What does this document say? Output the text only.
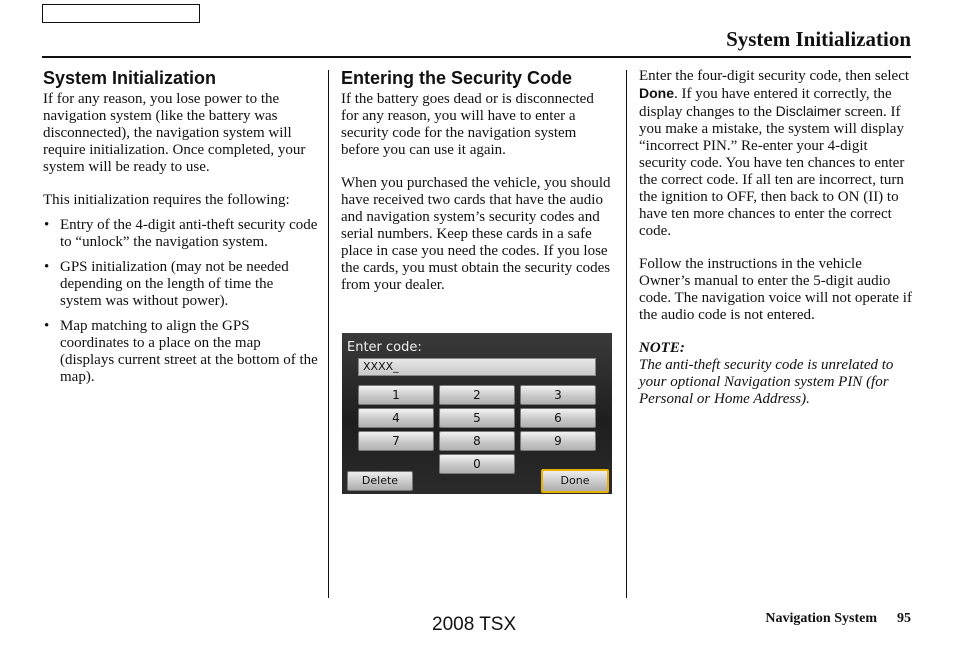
System Initialization
System Initialization

If for any reason, you lose power to the navigation system (like the battery was disconnected), the navigation system will require initialization. Once completed, your system will be ready to use.

This initialization requires the following:

• Entry of the 4-digit anti-theft security code to “unlock” the navigation system.
• GPS initialization (may not be needed depending on the length of time the system was without power).
• Map matching to align the GPS coordinates to a place on the map (displays current street at the bottom of the map).
Entering the Security Code

If the battery goes dead or is disconnected for any reason, you will have to enter a security code for the navigation system before you can use it again.

When you purchased the vehicle, you should have received two cards that have the audio and navigation system’s security codes and serial numbers. Keep these cards in a safe place in case you need the codes. If you lose the cards, you must obtain the security codes from your dealer.

Enter code:
XXXX_
1	2	3
4	5	6
7	8	9
0
Delete	Done

Enter the four-digit security code, then select Done. If you have entered it correctly, the display changes to the Disclaimer screen. If you make a mistake, the system will display “incorrect PIN.” Re-enter your 4-digit security code. You have ten chances to enter the correct code. If all ten are incorrect, turn the ignition to OFF, then back to ON (II) to have ten more chances to enter the correct code.

Follow the instructions in the vehicle Owner’s manual to enter the 5-digit audio code. The navigation voice will not operate if the audio code is not entered.

NOTE:

The anti-theft security code is unrelated to your optional Navigation system PIN (for Personal or Home Address).

2008 TSX	Navigation System 95
